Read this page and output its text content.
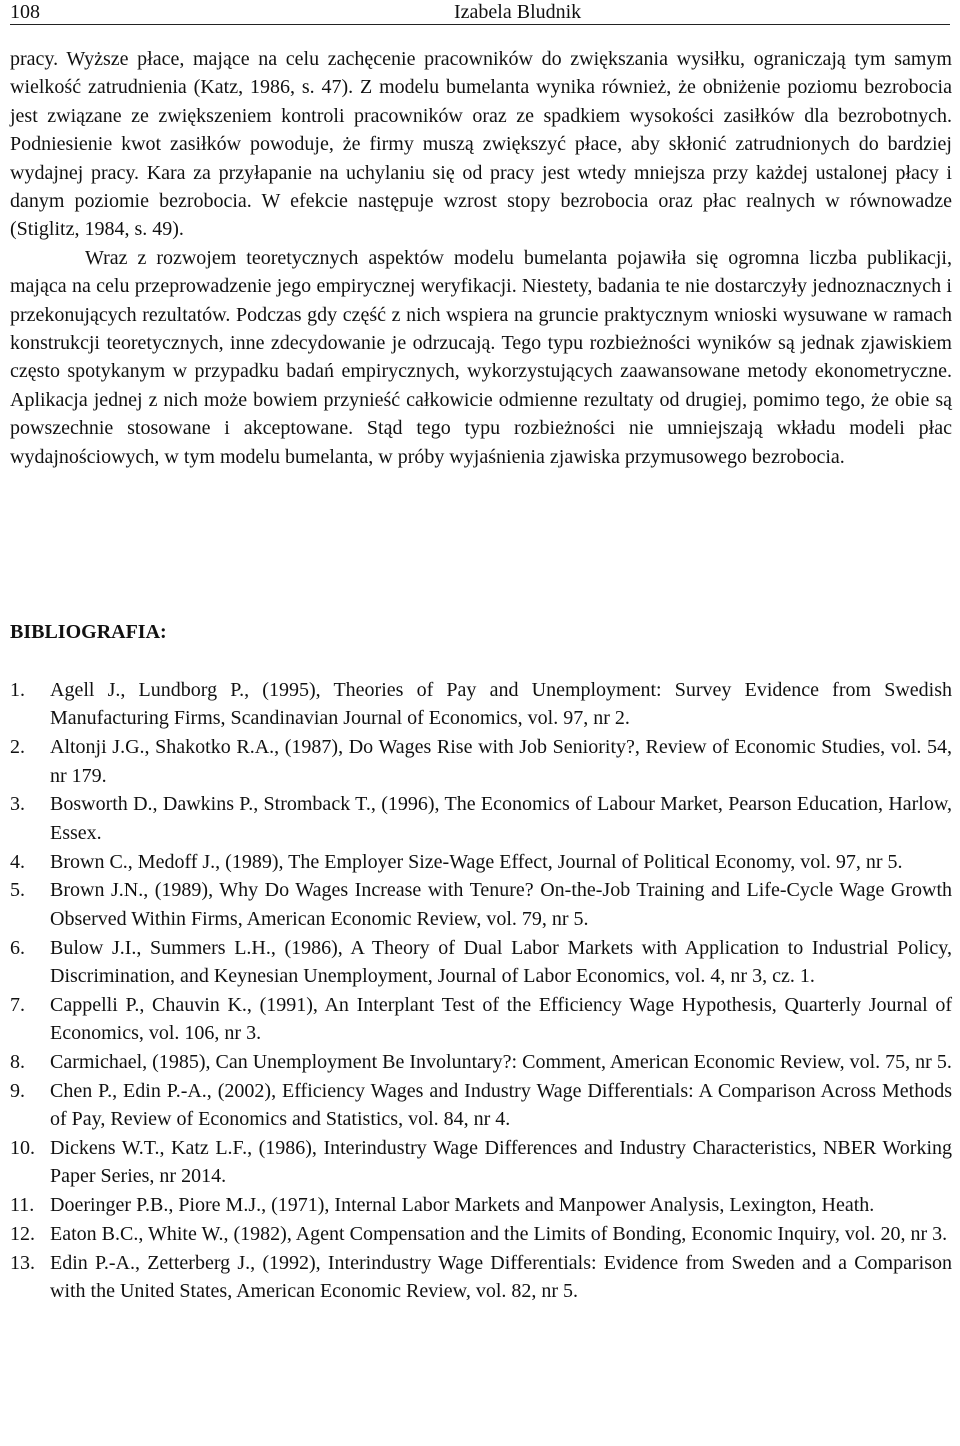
108	Izabela Bludnik

pracy. Wyższe płace, mające na celu zachęcenie pracowników do zwiększania wysiłku, ograniczają tym samym wielkość zatrudnienia (Katz, 1986, s. 47). Z modelu bumelanta wynika również, że obniżenie poziomu bezrobocia jest związane ze zwiększeniem kontroli pracowników oraz ze spadkiem wysokości zasiłków dla bezrobotnych. Podniesienie kwot zasiłków powoduje, że firmy muszą zwiększyć płace, aby skłonić zatrudnionych do bardziej wydajnej pracy. Kara za przyłapanie na uchylaniu się od pracy jest wtedy mniejsza przy każdej ustalonej płacy i danym poziomie bezrobocia. W efekcie następuje wzrost stopy bezrobocia oraz płac realnych w równowadze (Stiglitz, 1984, s. 49).

Wraz z rozwojem teoretycznych aspektów modelu bumelanta pojawiła się ogromna liczba publikacji, mająca na celu przeprowadzenie jego empirycznej weryfikacji. Niestety, badania te nie dostarczyły jednoznacznych i przekonujących rezultatów. Podczas gdy część z nich wspiera na gruncie praktycznym wnioski wysuwane w ramach konstrukcji teoretycznych, inne zdecydowanie je odrzucają. Tego typu rozbieżności wyników są jednak zjawiskiem często spotykanym w przypadku badań empirycznych, wykorzystujących zaawansowane metody ekonometryczne. Aplikacja jednej z nich może bowiem przynieść całkowicie odmienne rezultaty od drugiej, pomimo tego, że obie są powszechnie stosowane i akceptowane. Stąd tego typu rozbieżności nie umniejszają wkładu modeli płac wydajnościowych, w tym modelu bumelanta, w próby wyjaśnienia zjawiska przymusowego bezrobocia.

BIBLIOGRAFIA:
1. Agell J., Lundborg P., (1995), Theories of Pay and Unemployment: Survey Evidence from Swedish Manufacturing Firms, Scandinavian Journal of Economics, vol. 97, nr 2.
2. Altonji J.G., Shakotko R.A., (1987), Do Wages Rise with Job Seniority?, Review of Economic Studies, vol. 54, nr 179.
3. Bosworth D., Dawkins P., Stromback T., (1996), The Economics of Labour Market, Pearson Education, Harlow, Essex.
4. Brown C., Medoff J., (1989), The Employer Size-Wage Effect, Journal of Political Economy, vol. 97, nr 5.
5. Brown J.N., (1989), Why Do Wages Increase with Tenure? On-the-Job Training and Life-Cycle Wage Growth Observed Within Firms, American Economic Review, vol. 79, nr 5.
6. Bulow J.I., Summers L.H., (1986), A Theory of Dual Labor Markets with Application to Industrial Policy, Discrimination, and Keynesian Unemployment, Journal of Labor Economics, vol. 4, nr 3, cz. 1.
7. Cappelli P., Chauvin K., (1991), An Interplant Test of the Efficiency Wage Hypothesis, Quarterly Journal of Economics, vol. 106, nr 3.
8. Carmichael, (1985), Can Unemployment Be Involuntary?: Comment, American Economic Review, vol. 75, nr 5.
9. Chen P., Edin P.-A., (2002), Efficiency Wages and Industry Wage Differentials: A Comparison Across Methods of Pay, Review of Economics and Statistics, vol. 84, nr 4.
10. Dickens W.T., Katz L.F., (1986), Interindustry Wage Differences and Industry Characteristics, NBER Working Paper Series, nr 2014.
11. Doeringer P.B., Piore M.J., (1971), Internal Labor Markets and Manpower Analysis, Lexington, Heath.
12. Eaton B.C., White W., (1982), Agent Compensation and the Limits of Bonding, Economic Inquiry, vol. 20, nr 3.
13. Edin P.-A., Zetterberg J., (1992), Interindustry Wage Differentials: Evidence from Sweden and a Comparison with the United States, American Economic Review, vol. 82, nr 5.
